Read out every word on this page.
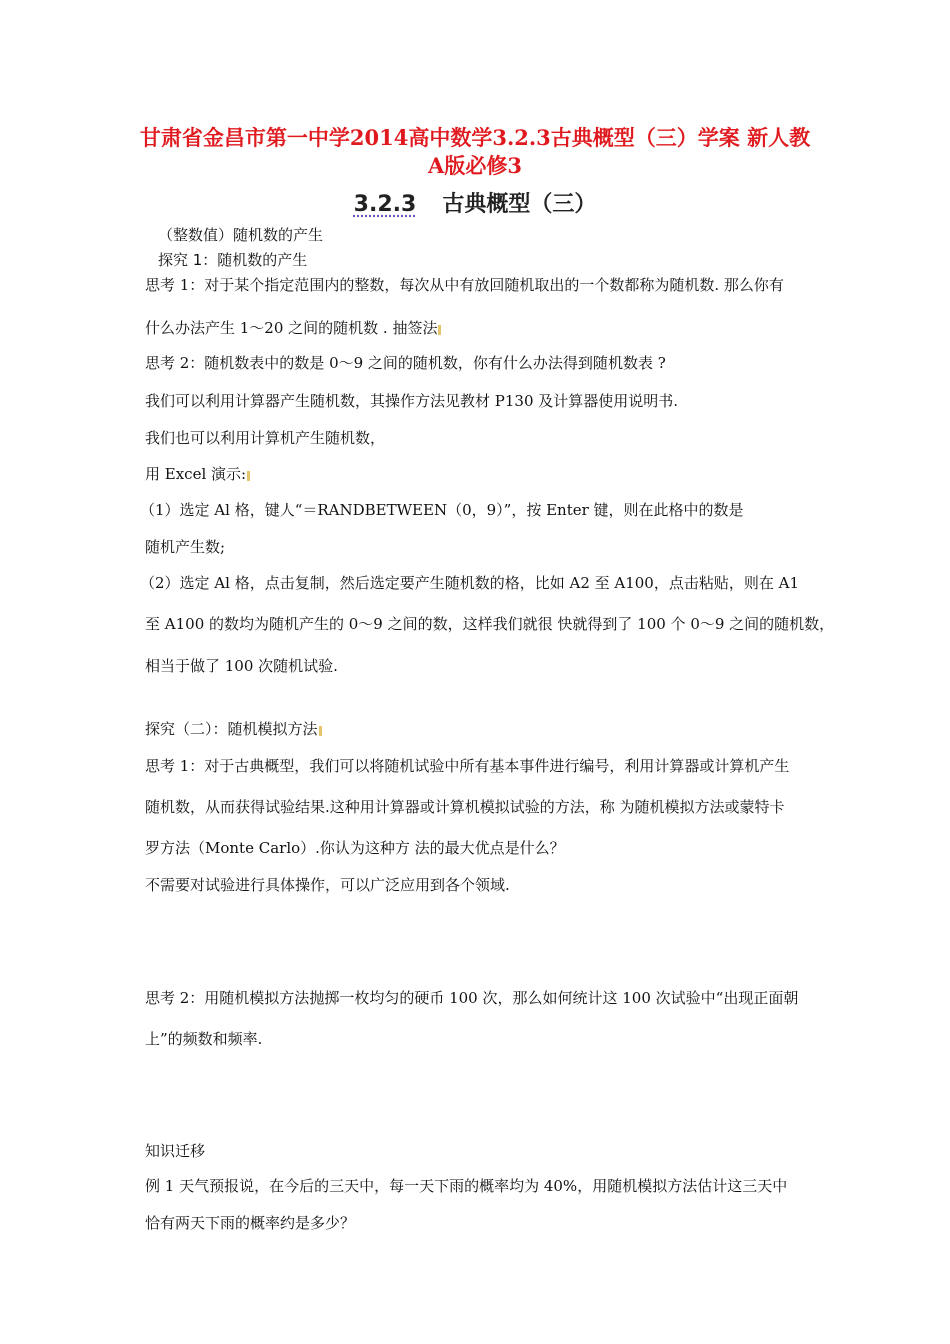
甘肃省金昌市第一中学2014高中数学3.2.3古典概型（三）学案 新人教
A版必修3
3.2.3 古典概型（三）
（整数值）随机数的产生
探究 1：随机数的产生
思考 1：对于某个指定范围内的整数，每次从中有放回随机取出的一个数都称为随机数. 那么你有
什么办法产生 1～20 之间的随机数 . 抽签法
思考 2：随机数表中的数是 0～9 之间的随机数，你有什么办法得到随机数表 ?
我们可以利用计算器产生随机数，其操作方法见教材 P130 及计算器使用说明书.
我们也可以利用计算机产生随机数，
用 Excel 演示:
（1）选定 Al 格，键人“＝RANDBETWEEN（0，9）”，按 Enter 键，则在此格中的数是
随机产生数;
（2）选定 Al 格，点击复制，然后选定要产生随机数的格，比如 A2 至 A100，点击粘贴，则在 A1
至 A100 的数均为随机产生的 0～9 之间的数，这样我们就很 快就得到了 100 个 0～9 之间的随机数，
相当于做了 100 次随机试验.
探究（二）：随机模拟方法
思考 1：对于古典概型，我们可以将随机试验中所有基本事件进行编号，利用计算器或计算机产生
随机数，从而获得试验结果.这种用计算器或计算机模拟试验的方法，称 为随机模拟方法或蒙特卡
罗方法（Monte Carlo）.你认为这种方 法的最大优点是什么？
不需要对试验进行具体操作，可以广泛应用到各个领域.
思考 2：用随机模拟方法抛掷一枚均匀的硬币 100 次，那么如何统计这 100 次试验中“出现正面朝
上”的频数和频率.
知识迁移
例 1 天气预报说，在今后的三天中，每一天下雨的概率均为 40%，用随机模拟方法估计这三天中
恰有两天下雨的概率约是多少？
